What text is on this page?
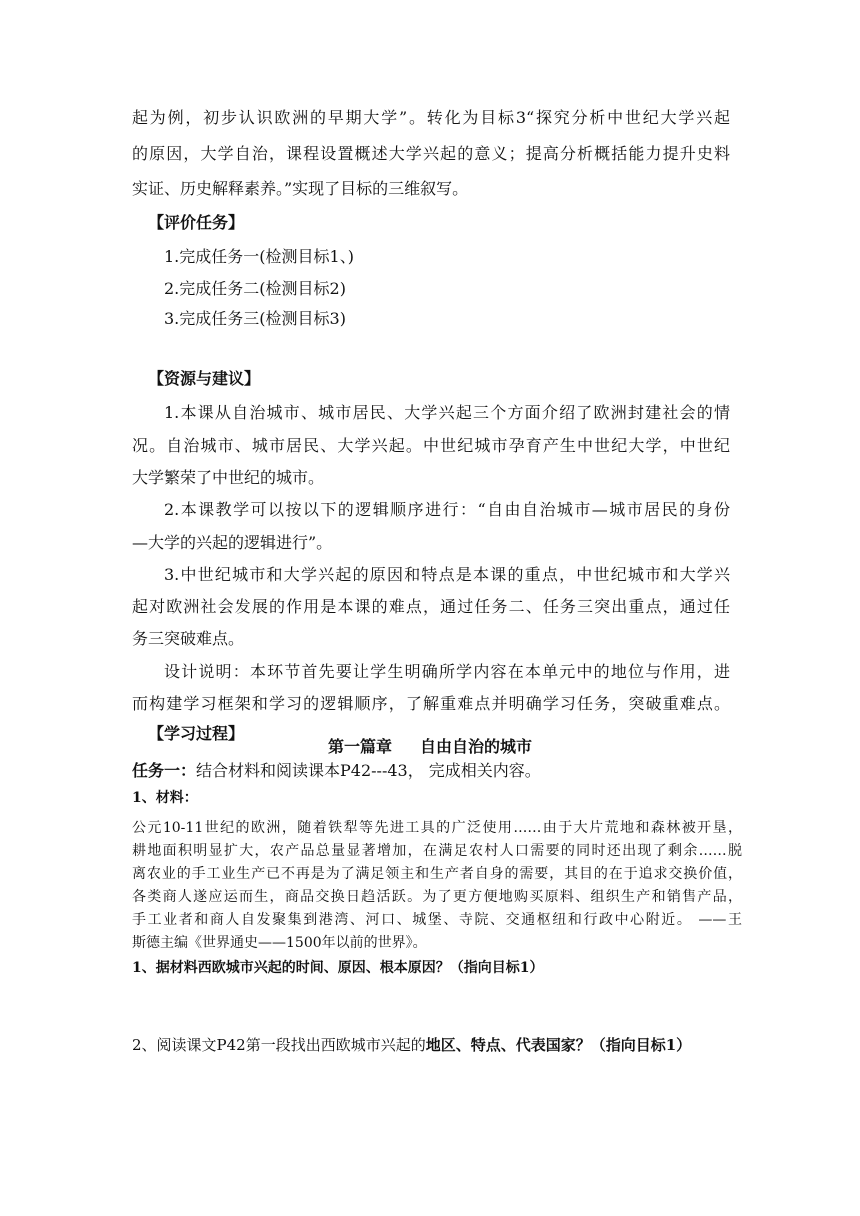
起为例，初步认识欧洲的早期大学”。转化为目标3“探究分析中世纪大学兴起
的原因，大学自治，课程设置概述大学兴起的意义；提高分析概括能力提升史料
实证、历史解释素养。”实现了目标的三维叙写。
【评价任务】
1.完成任务一(检测目标1、)
2.完成任务二(检测目标2)
3.完成任务三(检测目标3)
【资源与建议】
1.本课从自治城市、城市居民、大学兴起三个方面介绍了欧洲封建社会的情
况。自治城市、城市居民、大学兴起。中世纪城市孕育产生中世纪大学，中世纪
大学繁荣了中世纪的城市。
2.本课教学可以按以下的逻辑顺序进行：“自由自治城市—城市居民的身份
—大学的兴起的逻辑进行”。
3.中世纪城市和大学兴起的原因和特点是本课的重点，中世纪城市和大学兴
起对欧洲社会发展的作用是本课的难点，通过任务二、任务三突出重点，通过任
务三突破难点。
设计说明：本环节首先要让学生明确所学内容在本单元中的地位与作用，进
而构建学习框架和学习的逻辑顺序，了解重难点并明确学习任务，突破重难点。
【学习过程】
第一篇章 自由自治的城市
任务一：结合材料和阅读课本P42---43， 完成相关内容。
1、材料：
公元10-11世纪的欧洲，随着铁犁等先进工具的广泛使用……由于大片荒地和森林被开垦，
耕地面积明显扩大，农产品总量显著增加，在满足农村人口需要的同时还出现了剩余……脱
离农业的手工业生产已不再是为了满足领主和生产者自身的需要，其目的在于追求交换价值，
各类商人遂应运而生，商品交换日趋活跃。为了更方便地购买原料、组织生产和销售产品，
手工业者和商人自发聚集到港湾、河口、城堡、寺院、交通枢纽和行政中心附近。 ——王
斯德主编《世界通史——1500年以前的世界》。
1、据材料西欧城市兴起的时间、原因、根本原因？（指向目标1）
2、阅读课文P42第一段找出西欧城市兴起的地区、特点、代表国家？（指向目标1）
